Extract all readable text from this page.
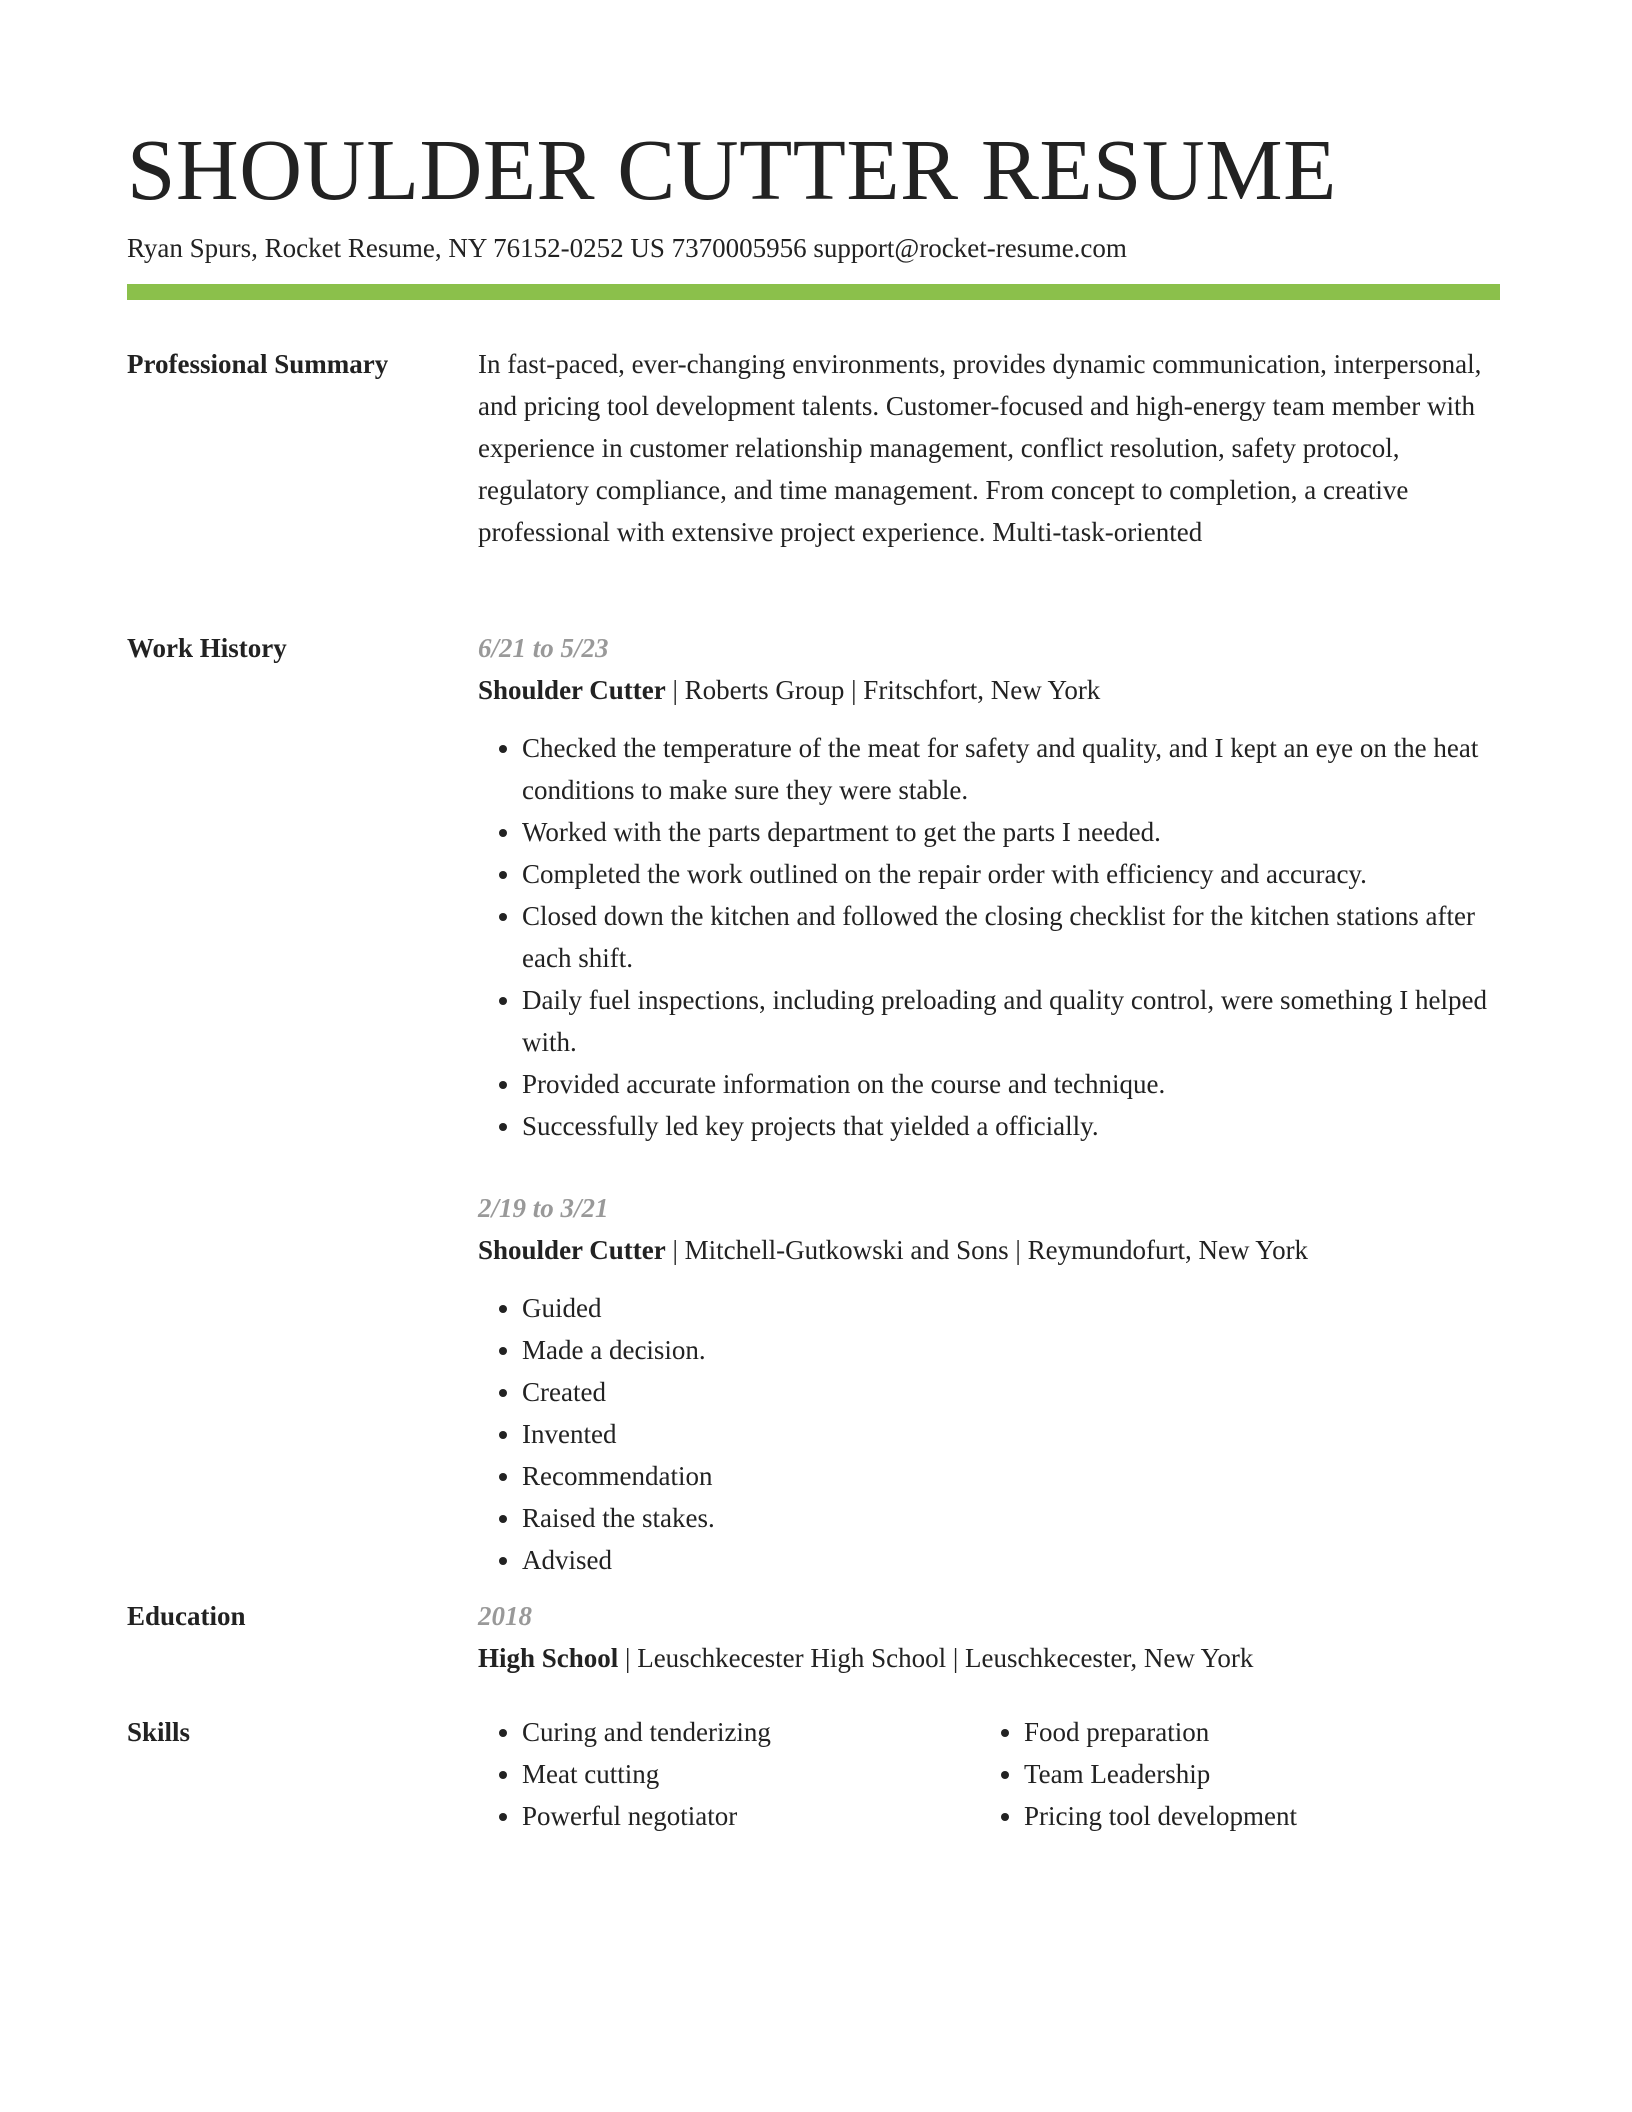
SHOULDER CUTTER RESUME
Ryan Spurs, Rocket Resume, NY 76152-0252 US 7370005956 support@rocket-resume.com
Professional Summary	In fast-paced, ever-changing environments, provides dynamic communication, interpersonal, and pricing tool development talents. Customer-focused and high-energy team member with experience in customer relationship management, conflict resolution, safety protocol, regulatory compliance, and time management. From concept to completion, a creative professional with extensive project experience. Multi-task-oriented

Work History	6/21 to 5/23
Shoulder Cutter | Roberts Group | Fritschfort, New York
• Checked the temperature of the meat for safety and quality, and I kept an eye on the heat conditions to make sure they were stable.
• Worked with the parts department to get the parts I needed.
• Completed the work outlined on the repair order with efficiency and accuracy.
• Closed down the kitchen and followed the closing checklist for the kitchen stations after each shift.
• Daily fuel inspections, including preloading and quality control, were something I helped with.
• Provided accurate information on the course and technique.
• Successfully led key projects that yielded a officially.
2/19 to 3/21
Shoulder Cutter | Mitchell-Gutkowski and Sons | Reymundofurt, New York
• Guided
• Made a decision.
• Created
• Invented
• Recommendation
• Raised the stakes.
• Advised
Education	2018
High School | Leuschkecester High School | Leuschkecester, New York
Skills
•	Curing and tenderizing
• Meat cutting
• Powerful negotiator
• Food preparation
• Team Leadership
• Pricing tool development
